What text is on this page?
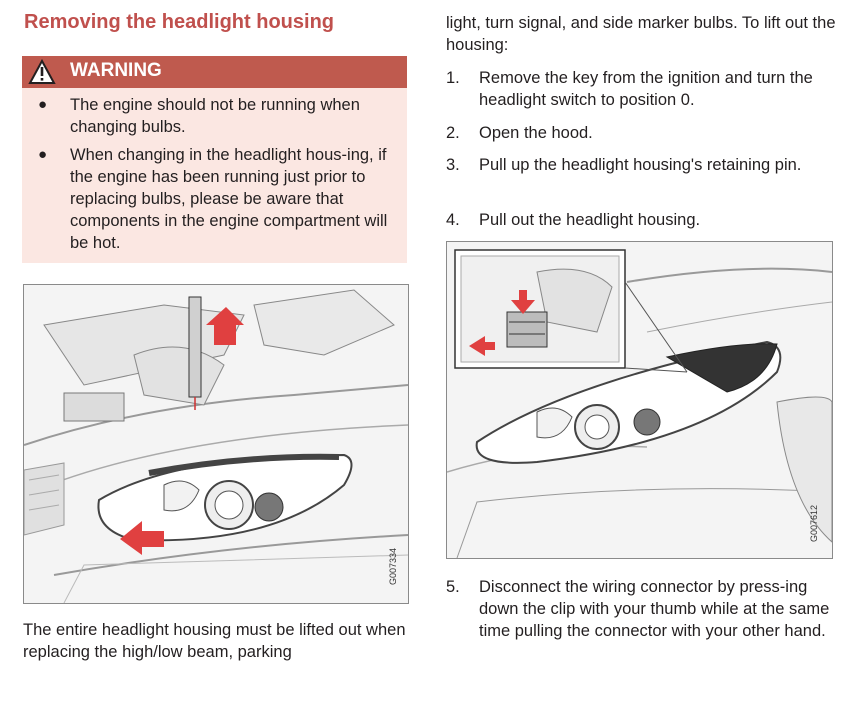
Removing the headlight housing
WARNING
● The engine should not be running when changing bulbs.
● When changing in the headlight hous-ing, if the engine has been running just prior to replacing bulbs, please be aware that components in the engine compartment will be hot.
G007334
The entire headlight housing must be lifted out when replacing the high/low beam, parking
light, turn signal, and side marker bulbs. To lift out the housing:
1. Remove the key from the ignition and turn the headlight switch to position 0.
2. Open the hood.
3. Pull up the headlight housing's retaining pin.
4. Pull out the headlight housing.
G007612
5. Disconnect the wiring connector by press-ing down the clip with your thumb while at the same time pulling the connector with your other hand.
